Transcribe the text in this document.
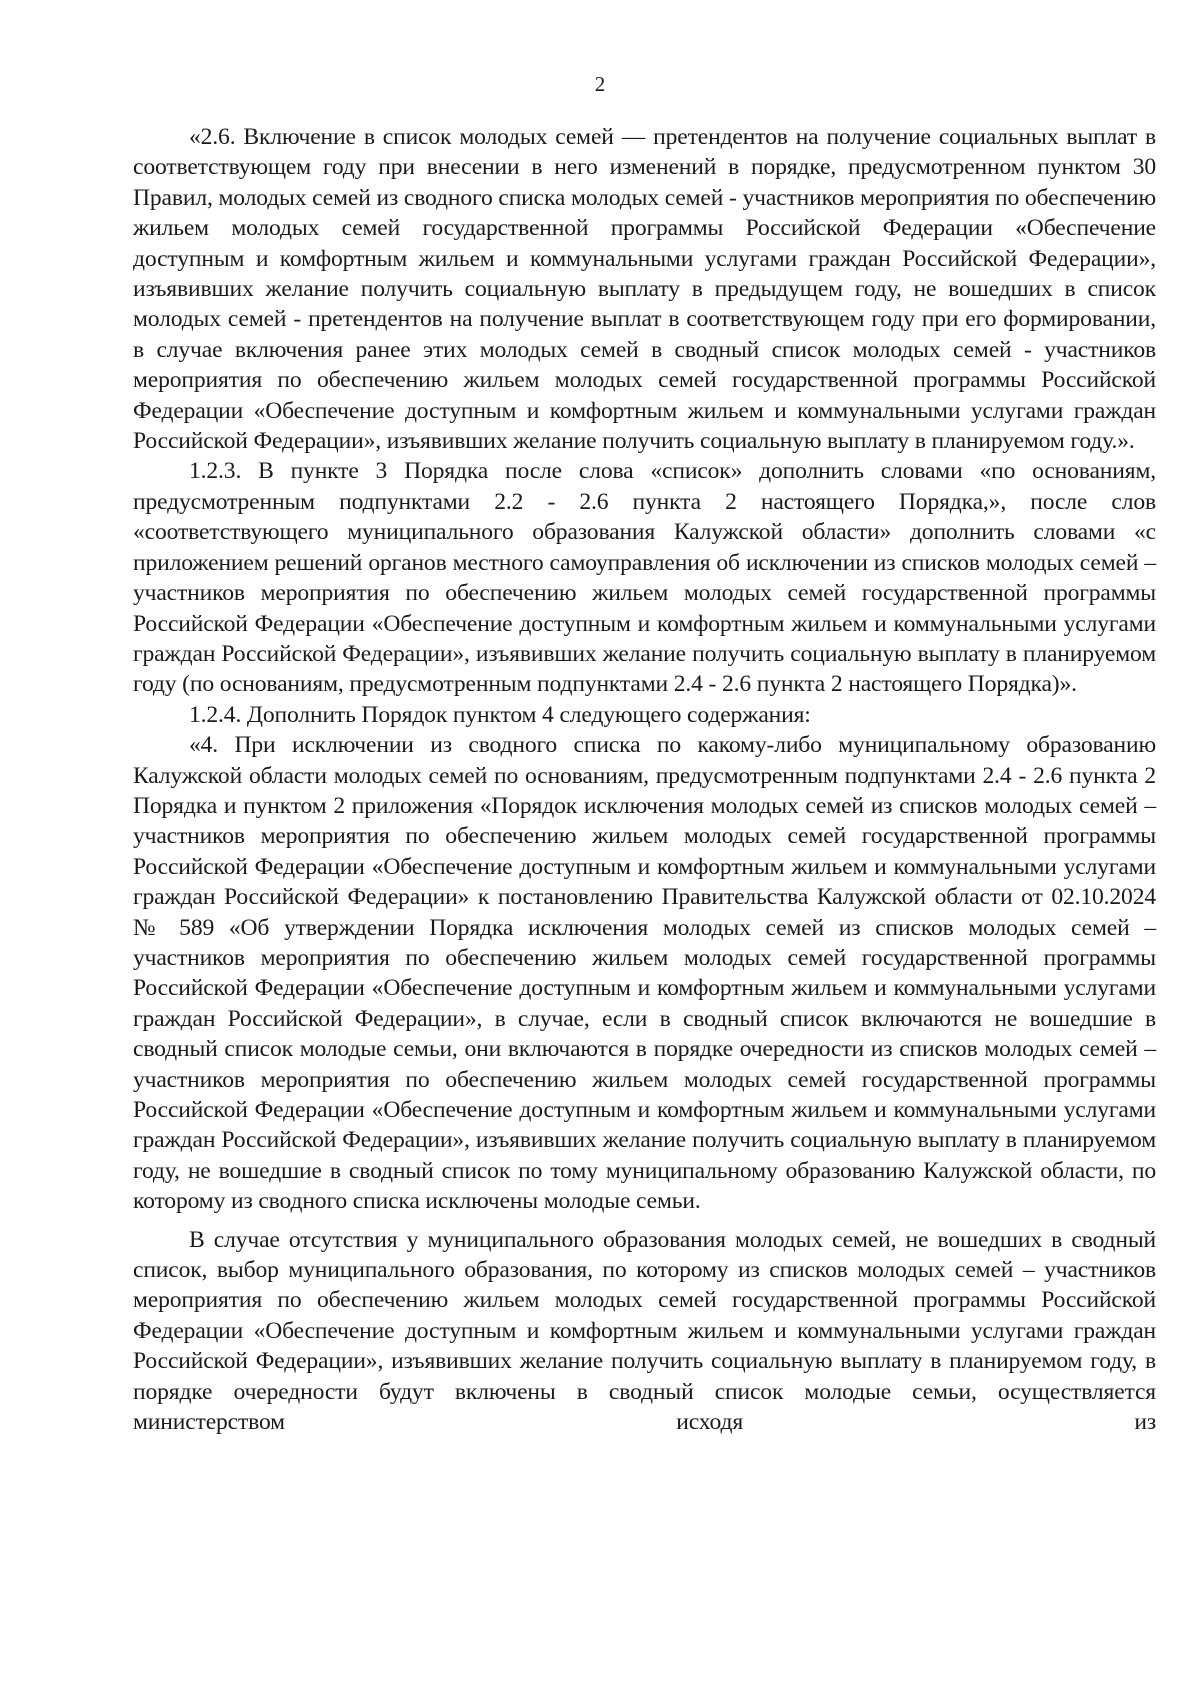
2

«2.6. Включение в список молодых семей — претендентов на получение социальных выплат в соответствующем году при внесении в него изменений в порядке, предусмотренном пунктом 30 Правил, молодых семей из сводного списка молодых семей - участников мероприятия по обеспечению жильем молодых семей государственной программы Российской Федерации «Обеспечение доступным и комфортным жильем и коммунальными услугами граждан Российской Федерации», изъявивших желание получить социальную выплату в предыдущем году, не вошедших в список молодых семей - претендентов на получение выплат в соответствующем году при его формировании, в случае включения ранее этих молодых семей в сводный список молодых семей - участников мероприятия по обеспечению жильем молодых семей государственной программы Российской Федерации «Обеспечение доступным и комфортным жильем и коммунальными услугами граждан Российской Федерации», изъявивших желание получить социальную выплату в планируемом году.».

1.2.3. В пункте 3 Порядка после слова «список» дополнить словами «по основаниям, предусмотренным подпунктами 2.2 - 2.6 пункта 2 настоящего Порядка,», после слов «соответствующего муниципального образования Калужской области» дополнить словами «с приложением решений органов местного самоуправления об исключении из списков молодых семей – участников мероприятия по обеспечению жильем молодых семей государственной программы Российской Федерации «Обеспечение доступным и комфортным жильем и коммунальными услугами граждан Российской Федерации», изъявивших желание получить социальную выплату в планируемом году (по основаниям, предусмотренным подпунктами 2.4 - 2.6 пункта 2 настоящего Порядка)».

1.2.4. Дополнить Порядок пунктом 4 следующего содержания:

«4. При исключении из сводного списка по какому-либо муниципальному образованию Калужской области молодых семей по основаниям, предусмотренным подпунктами 2.4 - 2.6 пункта 2 Порядка и пунктом 2 приложения «Порядок исключения молодых семей из списков молодых семей – участников мероприятия по обеспечению жильем молодых семей государственной программы Российской Федерации «Обеспечение доступным и комфортным жильем и коммунальными услугами граждан Российской Федерации» к постановлению Правительства Калужской области от 02.10.2024 № 589 «Об утверждении Порядка исключения молодых семей из списков молодых семей – участников мероприятия по обеспечению жильем молодых семей государственной программы Российской Федерации «Обеспечение доступным и комфортным жильем и коммунальными услугами граждан Российской Федерации», в случае, если в сводный список включаются не вошедшие в сводный список молодые семьи, они включаются в порядке очередности из списков молодых семей – участников мероприятия по обеспечению жильем молодых семей государственной программы Российской Федерации «Обеспечение доступным и комфортным жильем и коммунальными услугами граждан Российской Федерации», изъявивших желание получить социальную выплату в планируемом году, не вошедшие в сводный список по тому муниципальному образованию Калужской области, по которому из сводного списка исключены молодые семьи.

В случае отсутствия у муниципального образования молодых семей, не вошедших в сводный список, выбор муниципального образования, по которому из списков молодых семей – участников мероприятия по обеспечению жильем молодых семей государственной программы Российской Федерации «Обеспечение доступным и комфортным жильем и коммунальными услугами граждан Российской Федерации», изъявивших желание получить социальную выплату в планируемом году, в порядке очередности будут включены в сводный список молодые семьи, осуществляется министерством исходя из
